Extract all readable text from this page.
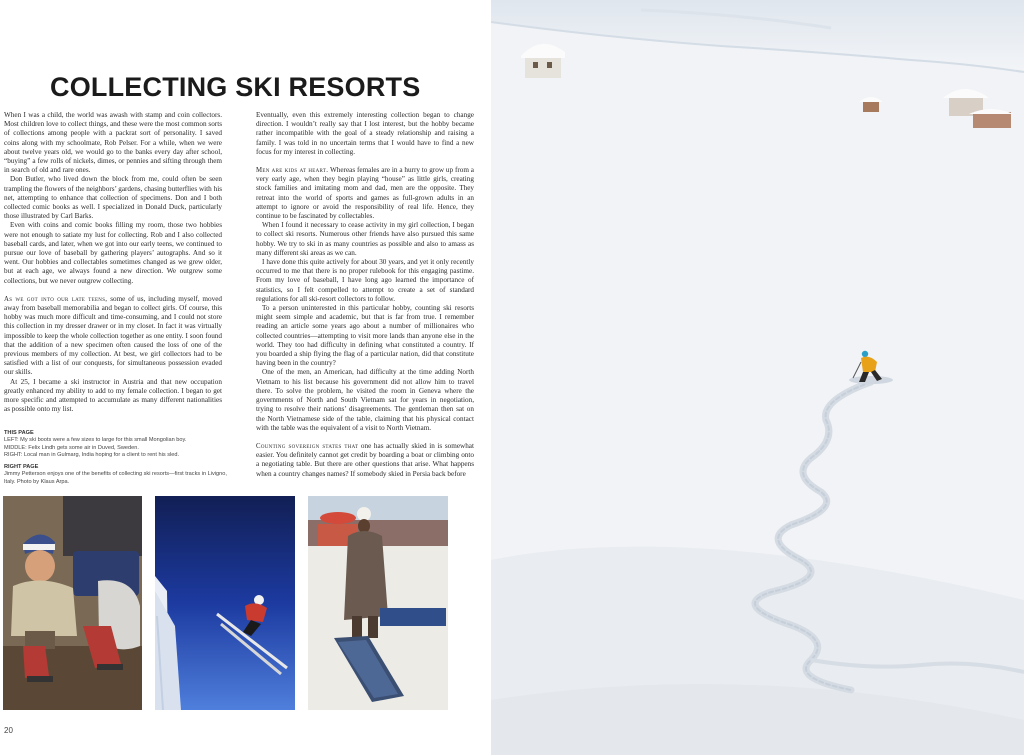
COLLECTING SKI RESORTS

When I was a child, the world was awash with stamp and coin collectors. Most children love to collect things, and these were the most common sorts of collections among people with a packrat sort of personality. I saved coins along with my schoolmate, Rob Pelser. For a while, when we were about twelve years old, we would go to the banks every day after school, “buying” a few rolls of nickels, dimes, or pennies and sifting through them in search of old and rare ones.

Don Butler, who lived down the block from me, could often be seen trampling the flowers of the neighbors’ gardens, chasing butterflies with his net, attempting to enhance that collection of specimens. Don and I both collected comic books as well. I specialized in Donald Duck, particularly those illustrated by Carl Barks.

Even with coins and comic books filling my room, those two hobbies were not enough to satiate my lust for collecting. Rob and I also collected baseball cards, and later, when we got into our early teens, we continued to pursue our love of baseball by gathering players’ autographs. And so it went. Our hobbies and collectables sometimes changed as we grew older, but at each age, we always found a new direction. We outgrew some collections, but we never outgrew collecting.

As we got into our late teens, some of us, including myself, moved away from baseball memorabilia and began to collect girls. Of course, this hobby was much more difficult and time-consuming, and I could not store this collection in my dresser drawer or in my closet. In fact it was virtually impossible to keep the whole collection together as one entity. I soon found that the addition of a new specimen often caused the loss of one of the previous members of my collection. At best, we girl collectors had to be satisfied with a list of our conquests, for simultaneous possession evaded our skills.

At 25, I became a ski instructor in Austria and that new occupation greatly enhanced my ability to add to my female collection. I began to get more specific and attempted to accumulate as many different nationalities as possible onto my list.

Eventually, even this extremely interesting collection began to change direction. I wouldn’t really say that I lost interest, but the hobby became rather incompatible with the goal of a steady relationship and raising a family. I was told in no uncertain terms that I would have to find a new focus for my interest in collecting.

Men are kids at heart. Whereas females are in a hurry to grow up from a very early age, when they begin playing “house” as little girls, creating stock families and imitating mom and dad, men are the opposite. They retreat into the world of sports and games as full-grown adults in an attempt to ignore or avoid the responsibility of real life. Hence, they continue to be fascinated by collectables.

When I found it necessary to cease activity in my girl collection, I began to collect ski resorts. Numerous other friends have also pursued this same hobby. We try to ski in as many countries as possible and also to amass as many different ski areas as we can.

I have done this quite actively for about 30 years, and yet it only recently occurred to me that there is no proper rulebook for this engaging pastime. From my love of baseball, I have long ago learned the importance of statistics, so I felt compelled to attempt to create a set of standard regulations for all ski-resort collectors to follow.

To a person uninterested in this particular hobby, counting ski resorts might seem simple and academic, but that is far from true. I remember reading an article some years ago about a number of millionaires who collected countries—attempting to visit more lands than anyone else in the world. They too had difficulty in defining what constituted a country. If you boarded a ship flying the flag of a particular nation, did that constitute having been in the country?

One of the men, an American, had difficulty at the time adding North Vietnam to his list because his government did not allow him to travel there. To solve the problem, he visited the room in Geneva where the governments of North and South Vietnam sat for years in negotiation, trying to resolve their nations’ disagreements. The gentleman then sat on the North Vietnamese side of the table, claiming that his physical contact with the table was the equivalent of a visit to North Vietnam.

Counting sovereign states that one has actually skied in is somewhat easier. You definitely cannot get credit by boarding a boat or climbing onto a negotiating table. But there are other questions that arise. What happens when a country changes names? If somebody skied in Persia back before

THIS PAGE
LEFT: My ski boots were a few sizes to large for this small Mongolian boy.
MIDDLE: Felix Lindh gets some air in Duved, Sweden.
RIGHT: Local man in Gulmarg, India hoping for a client to rent his sled.
RIGHT PAGE
Jimmy Petterson enjoys one of the benefits of collecting ski resorts—first tracks in Livigno, Italy. Photo by Klaus Arpa.
20
